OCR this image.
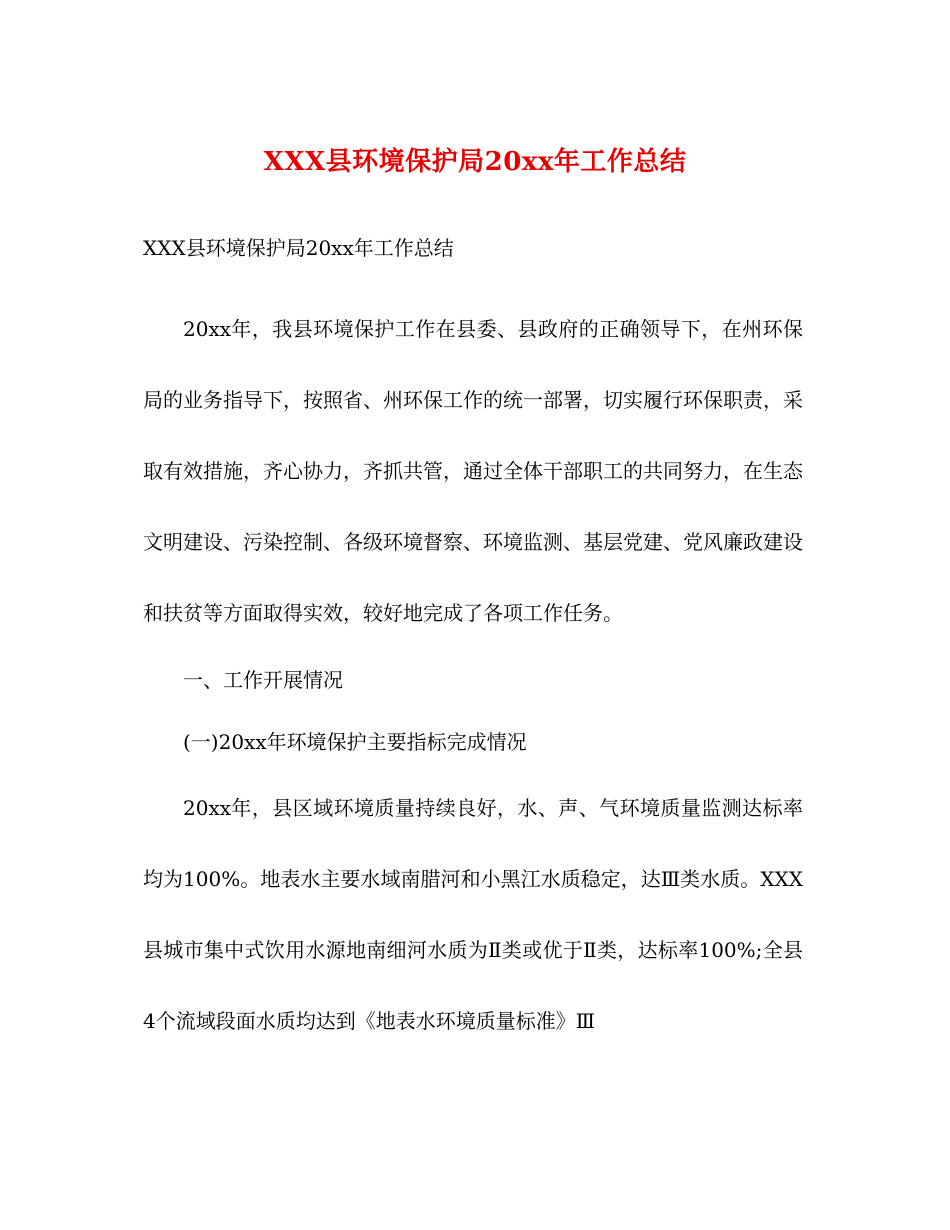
XXX县环境保护局20xx年工作总结

XXX县环境保护局20xx年工作总结

20xx年，我县环境保护工作在县委、县政府的正确领导下，在州环保局的业务指导下，按照省、州环保工作的统一部署，切实履行环保职责，采取有效措施，齐心协力，齐抓共管，通过全体干部职工的共同努力，在生态文明建设、污染控制、各级环境督察、环境监测、基层党建、党风廉政建设和扶贫等方面取得实效，较好地完成了各项工作任务。

一、工作开展情况

(一)20xx年环境保护主要指标完成情况

20xx年，县区域环境质量持续良好，水、声、气环境质量监测达标率均为100%。地表水主要水域南腊河和小黑江水质稳定，达Ⅲ类水质。XXX县城市集中式饮用水源地南细河水质为Ⅱ类或优于Ⅱ类，达标率100%;全县4个流域段面水质均达到《地表水环境质量标准》Ⅲ
